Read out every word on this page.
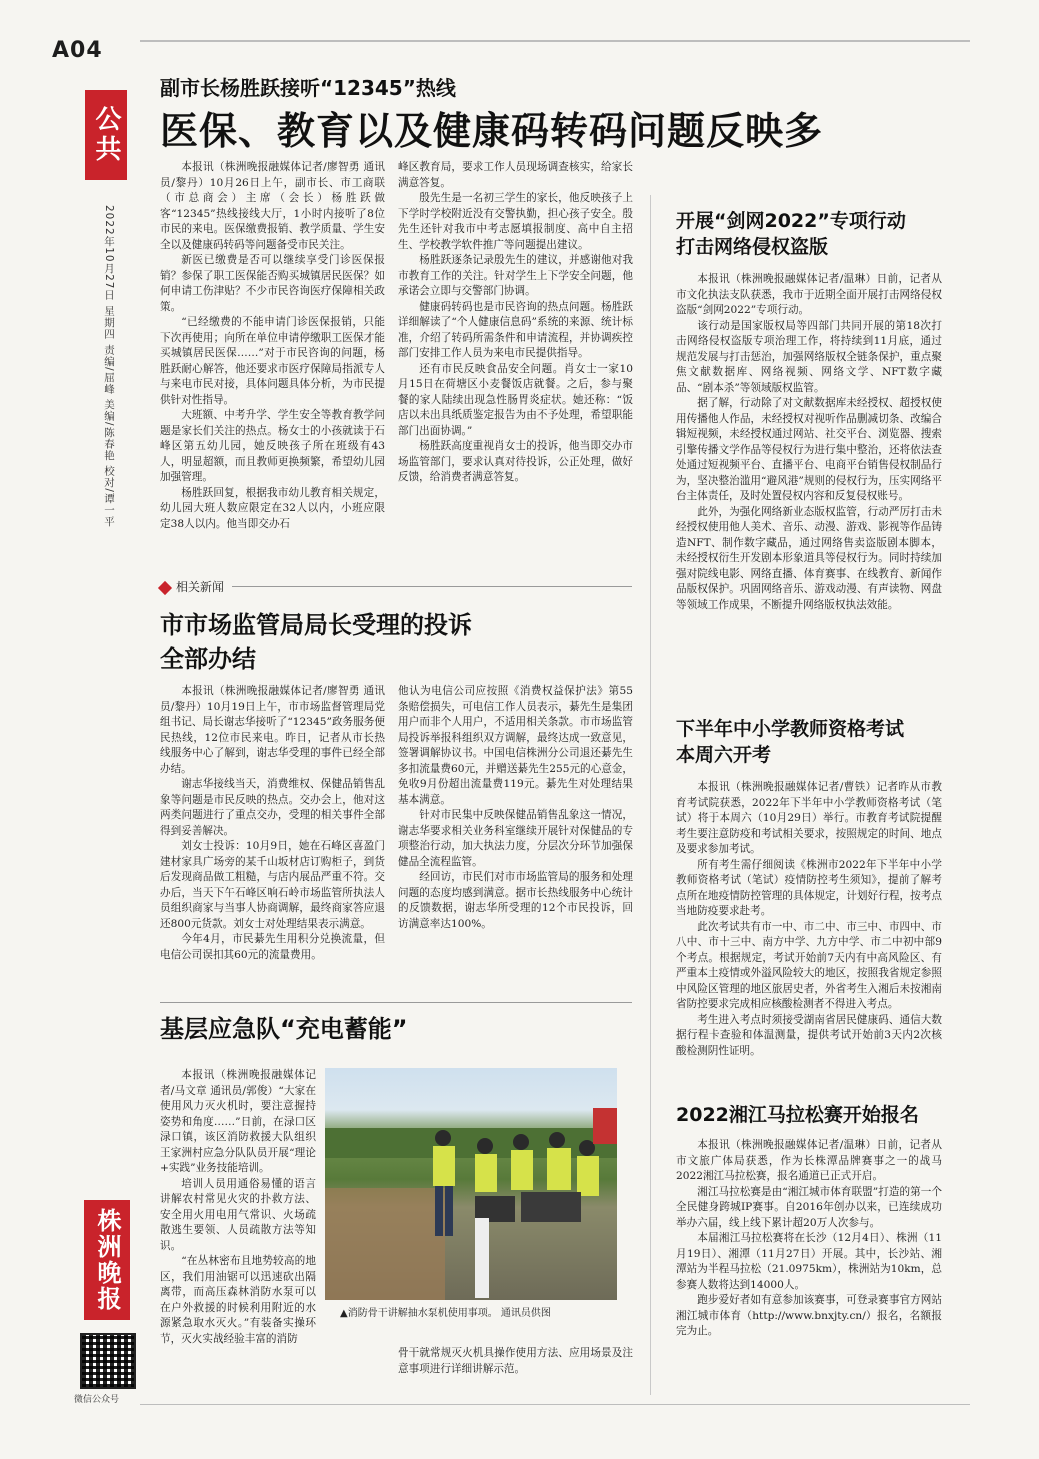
A04
公共
2022年10月27日 星期四 责编/屈峰 美编/陈春艳 校对/谭一平
株洲晚报
微信公众号
副市长杨胜跃接听“12345”热线
医保、教育以及健康码转码问题反映多

本报讯（株洲晚报融媒体记者/廖智勇 通讯员/黎丹）10月26日上午，副市长、市工商联（市总商会）主席（会长）杨胜跃做客“12345”热线接线大厅，1小时内接听了8位市民的来电。医保缴费报销、教学质量、学生安全以及健康码转码等问题备受市民关注。

新医已缴费是否可以继续享受门诊医保报销？参保了职工医保能否购买城镇居民医保？如何申请工伤津贴？不少市民咨询医疗保障相关政策。

“已经缴费的不能申请门诊医保报销，只能下次再使用；向所在单位申请停缴职工医保才能买城镇居民医保……”对于市民咨询的问题，杨胜跃耐心解答，他还要求市医疗保障局指派专人与来电市民对接，具体问题具体分析，为市民提供针对性指导。

大班额、中考升学、学生安全等教育教学问题是家长们关注的热点。杨女士的小孩就读于石峰区第五幼儿园，她反映孩子所在班级有43人，明显超额，而且教师更换频繁，希望幼儿园加强管理。

杨胜跃回复，根据我市幼儿教育相关规定，幼儿园大班人数应限定在32人以内，小班应限定38人以内。他当即交办石

峰区教育局，要求工作人员现场调查核实，给家长满意答复。

殷先生是一名初三学生的家长，他反映孩子上下学时学校附近没有交警执勤，担心孩子安全。殷先生还针对我市中考志愿填报制度、高中自主招生、学校教学软件推广等问题提出建议。

杨胜跃逐条记录殷先生的建议，并感谢他对我市教育工作的关注。针对学生上下学安全问题，他承诺会立即与交警部门协调。

健康码转码也是市民咨询的热点问题。杨胜跃详细解读了“个人健康信息码”系统的来源、统计标准，介绍了转码所需条件和申请流程，并协调疾控部门安排工作人员为来电市民提供指导。

还有市民反映食品安全问题。肖女士一家10月15日在荷塘区小麦餐饭店就餐。之后，参与聚餐的家人陆续出现急性肠胃炎症状。她还称：“饭店以未出具纸质鉴定报告为由不予处理，希望职能部门出面协调。”

杨胜跃高度重视肖女士的投诉，他当即交办市场监管部门，要求认真对待投诉，公正处理，做好反馈，给消费者满意答复。

相关新闻
市市场监管局局长受理的投诉
全部办结

本报讯（株洲晚报融媒体记者/廖智勇 通讯员/黎丹）10月19日上午，市市场监督管理局党组书记、局长谢志华接听了“12345”政务服务便民热线，12位市民来电。昨日，记者从市长热线服务中心了解到，谢志华受理的事件已经全部办结。

谢志华接线当天，消费维权、保健品销售乱象等问题是市民反映的热点。交办会上，他对这两类问题进行了重点交办，受理的相关事件全部得到妥善解决。

刘女士投诉：10月9日，她在石峰区喜盈门建材家具广场旁的某千山坂材店订购柜子，到货后发现商品做工粗糙，与店内展品严重不符。交办后，当天下午石峰区响石岭市场监管所执法人员组织商家与当事人协商调解，最终商家答应退还800元货款。刘女士对处理结果表示满意。

今年4月，市民綦先生用积分兑换流量，但电信公司误扣其60元的流量费用。

他认为电信公司应按照《消费权益保护法》第55条赔偿损失，可电信工作人员表示，綦先生是集团用户而非个人用户，不适用相关条款。市市场监管局投诉举报科组织双方调解，最终达成一致意见，签署调解协议书。中国电信株洲分公司退还綦先生多扣流量费60元，并赠送綦先生255元的心意金，免收9月份超出流量费119元。綦先生对处理结果基本满意。

针对市民集中反映保健品销售乱象这一情况，谢志华要求相关业务科室继续开展针对保健品的专项整治行动，加大执法力度，分层次分环节加强保健品全流程监管。

经回访，市民们对市市场监管局的服务和处理问题的态度均感到满意。据市长热线服务中心统计的反馈数据，谢志华所受理的12个市民投诉，回访满意率达100%。

基层应急队“充电蓄能”

本报讯（株洲晚报融媒体记者/马文章 通讯员/郭俊）“大家在使用风力灭火机时，要注意握持姿势和角度……”日前，在渌口区渌口镇，该区消防救援大队组织王家洲村应急分队队员开展“理论+实践”业务技能培训。

培训人员用通俗易懂的语言讲解农村常见火灾的扑救方法、安全用火用电用气常识、火场疏散逃生要领、人员疏散方法等知识。

“在丛林密布且地势较高的地区，我们用油锯可以迅速砍出隔离带，而高压森林消防水泵可以在户外救援的时候利用附近的水源紧急取水灭火。”有装备实操环节，灭火实战经验丰富的消防

▲消防骨干讲解抽水泵机使用事项。 通讯员供图

骨干就常规灭火机具操作使用方法、应用场景及注意事项进行详细讲解示范。

开展“剑网2022”专项行动
打击网络侵权盗版

本报讯（株洲晚报融媒体记者/温琳）日前，记者从市文化执法支队获悉，我市于近期全面开展打击网络侵权盗版“剑网2022”专项行动。

该行动是国家版权局等四部门共同开展的第18次打击网络侵权盗版专项治理工作，将持续到11月底，通过规范发展与打击惩治，加强网络版权全链条保护，重点聚焦文献数据库、网络视频、网络文学、NFT数字藏品、“剧本杀”等领域版权监管。

据了解，行动除了对文献数据库未经授权、超授权使用传播他人作品，未经授权对视听作品删减切条、改编合辑短视频，未经授权通过网站、社交平台、浏览器、搜索引擎传播文学作品等侵权行为进行集中整治，还将依法查处通过短视频平台、直播平台、电商平台销售侵权制品行为，坚决整治滥用“避风港”规则的侵权行为，压实网络平台主体责任，及时处置侵权内容和反复侵权账号。

此外，为强化网络新业态版权监管，行动严厉打击未经授权使用他人美术、音乐、动漫、游戏、影视等作品铸造NFT、制作数字藏品，通过网络售卖盗版剧本脚本，未经授权衍生开发剧本形象道具等侵权行为。同时持续加强对院线电影、网络直播、体育赛事、在线教育、新闻作品版权保护。巩固网络音乐、游戏动漫、有声读物、网盘等领域工作成果，不断提升网络版权执法效能。

下半年中小学教师资格考试
本周六开考

本报讯（株洲晚报融媒体记者/曹铁）记者昨从市教育考试院获悉，2022年下半年中小学教师资格考试（笔试）将于本周六（10月29日）举行。市教育考试院提醒考生要注意防疫和考试相关要求，按照规定的时间、地点及要求参加考试。

所有考生需仔细阅读《株洲市2022年下半年中小学教师资格考试（笔试）疫情防控考生须知》，提前了解考点所在地疫情防控管理的具体规定，计划好行程，按考点当地防疫要求赴考。

此次考试共有市一中、市二中、市三中、市四中、市八中、市十三中、南方中学、九方中学、市二中初中部9个考点。根据规定，考试开始前7天内有中高风险区、有严重本土疫情或外溢风险较大的地区，按照我省规定参照中风险区管理的地区旅居史者，外省考生入湘后未按湘南省防控要求完成相应核酸检测者不得进入考点。

考生进入考点时须接受湖南省居民健康码、通信大数据行程卡查验和体温测量，提供考试开始前3天内2次核酸检测阴性证明。

2022湘江马拉松赛开始报名

本报讯（株洲晚报融媒体记者/温琳）日前，记者从市文旅广体局获悉，作为长株潭品牌赛事之一的战马2022湘江马拉松赛，报名通道已正式开启。

湘江马拉松赛是由“湘江城市体育联盟”打造的第一个全民健身跨城IP赛事。自2016年创办以来，已连续成功举办六届，线上线下累计超20万人次参与。

本届湘江马拉松赛将在长沙（12月4日）、株洲（11月19日）、湘潭（11月27日）开展。其中，长沙站、湘潭站为半程马拉松（21.0975km），株洲站为10km，总参赛人数将达到14000人。

跑步爱好者如有意参加该赛事，可登录赛事官方网站湘江城市体育（http://www.bnxjty.cn/）报名，名额报完为止。
